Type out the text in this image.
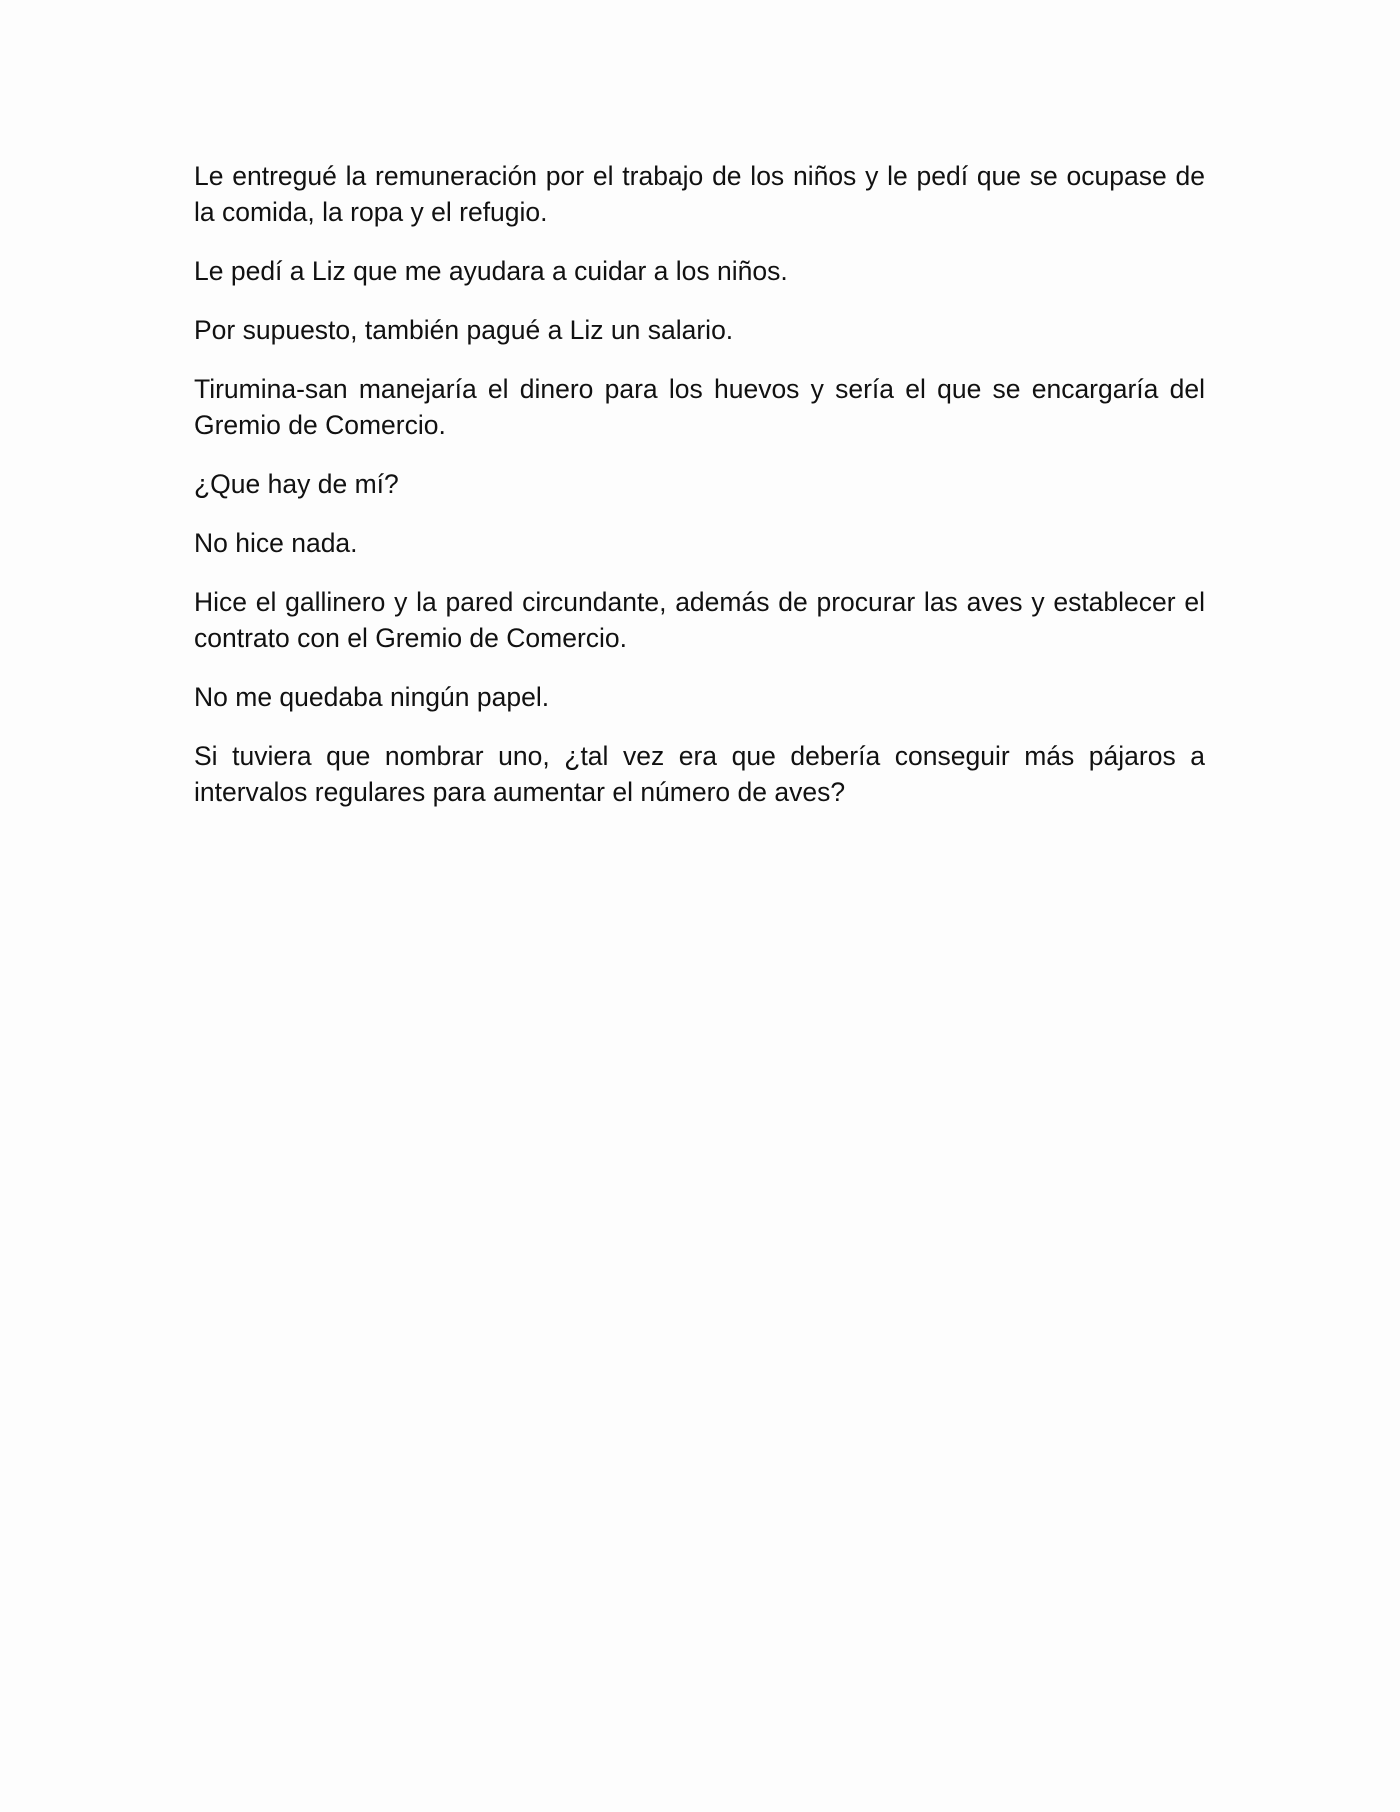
Le entregué la remuneración por el trabajo de los niños y le pedí que se ocupase de la comida, la ropa y el refugio.

Le pedí a Liz que me ayudara a cuidar a los niños.

Por supuesto, también pagué a Liz un salario.

Tirumina-san manejaría el dinero para los huevos y sería el que se encargaría del Gremio de Comercio.

¿Que hay de mí?

No hice nada.

Hice el gallinero y la pared circundante, además de procurar las aves y establecer el contrato con el Gremio de Comercio.

No me quedaba ningún papel.

Si tuviera que nombrar uno, ¿tal vez era que debería conseguir más pájaros a intervalos regulares para aumentar el número de aves?
